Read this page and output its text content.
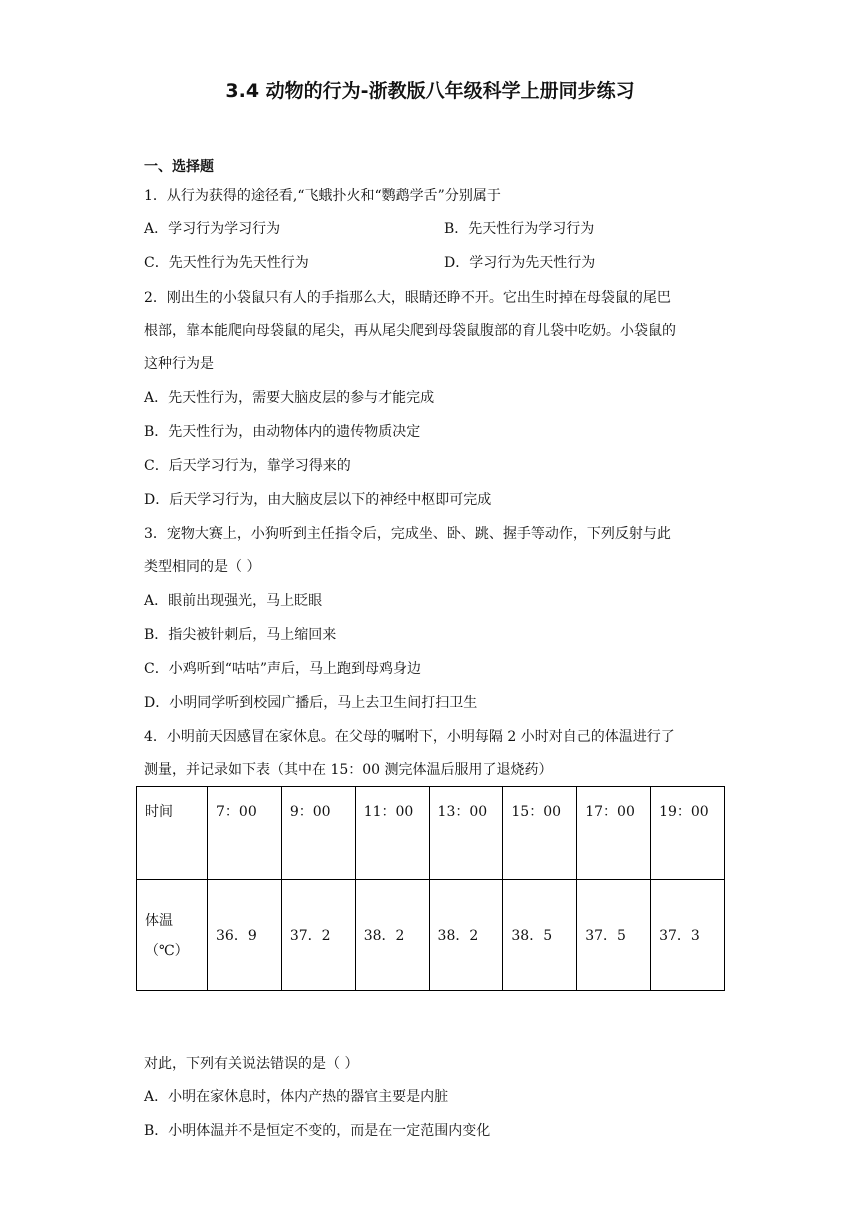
3.4 动物的行为-浙教版八年级科学上册同步练习
一、选择题
1．从行为获得的途径看,“飞蛾扑火和“鹦鹉学舌”分别属于
A．学习行为学习行为	B．先天性行为学习行为
C．先天性行为先天性行为	D．学习行为先天性行为
2．刚出生的小袋鼠只有人的手指那么大，眼睛还睁不开。它出生时掉在母袋鼠的尾巴
根部，靠本能爬向母袋鼠的尾尖，再从尾尖爬到母袋鼠腹部的育儿袋中吃奶。小袋鼠的
这种行为是
A．先天性行为，需要大脑皮层的参与才能完成
B．先天性行为，由动物体内的遗传物质决定
C．后天学习行为，靠学习得来的
D．后天学习行为，由大脑皮层以下的神经中枢即可完成
3．宠物大赛上，小狗听到主任指令后，完成坐、卧、跳、握手等动作，下列反射与此
类型相同的是（ ）
A．眼前出现强光，马上眨眼
B．指尖被针刺后，马上缩回来
C．小鸡听到“咕咕”声后，马上跑到母鸡身边
D．小明同学听到校园广播后，马上去卫生间打扫卫生
4．小明前天因感冒在家休息。在父母的嘱咐下，小明每隔 2 小时对自己的体温进行了
测量，并记录如下表（其中在 15：00 测完体温后服用了退烧药）
时间	7：00	9：00	11：00	13：00	15：00	17：00	19：00
体温
（℃）	36．9	37．2	38．2	38．2	38．5	37．5	37．3
对此，下列有关说法错误的是（ ）
A．小明在家休息时，体内产热的器官主要是内脏
B．小明体温并不是恒定不变的，而是在一定范围内变化
